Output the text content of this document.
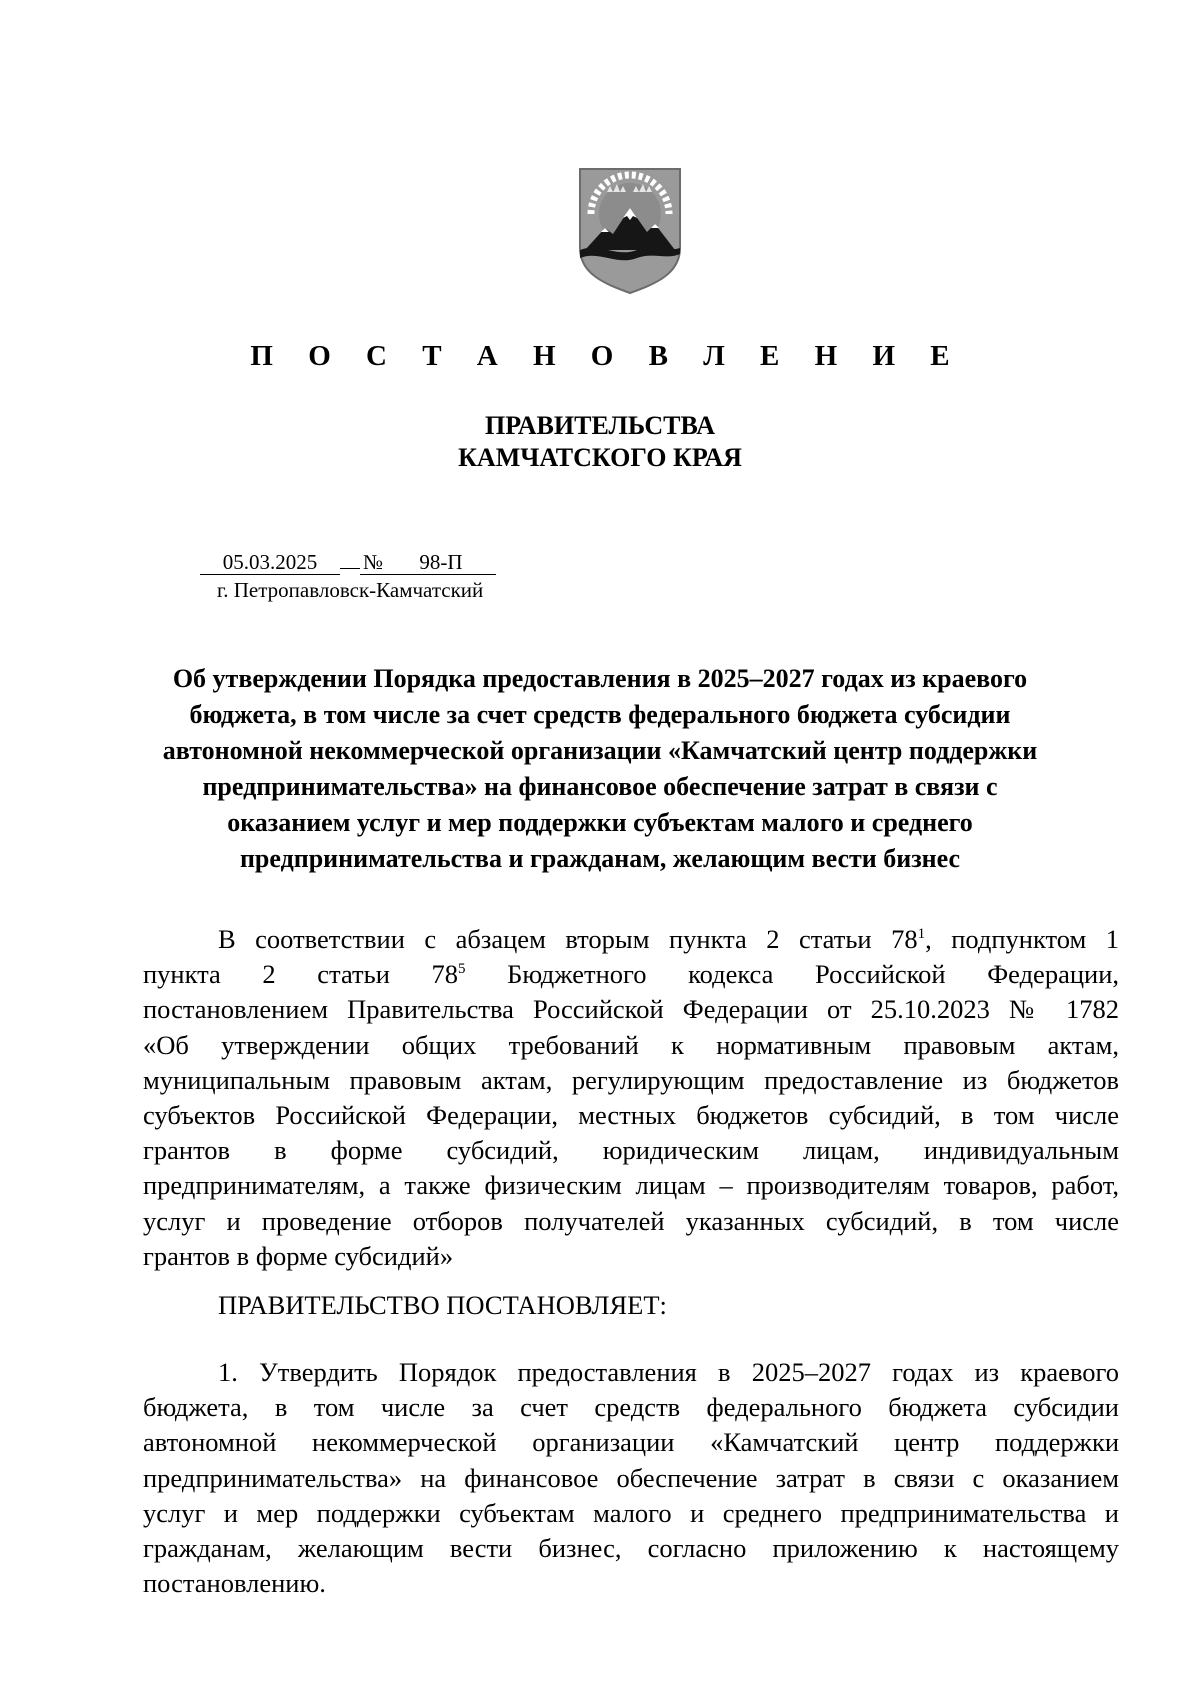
П О С Т А Н О В Л Е Н И Е
ПРАВИТЕЛЬСТВА
КАМЧАТСКОГО КРАЯ
05.03.2025 № 98-П
г. Петропавловск-Камчатский
Об утверждении Порядка предоставления в 2025–2027 годах из краевого
бюджета, в том числе за счет средств федерального бюджета субсидии
автономной некоммерческой организации «Камчатский центр поддержки
предпринимательства» на финансовое обеспечение затрат в связи с
оказанием услуг и мер поддержки субъектам малого и среднего
предпринимательства и гражданам, желающим вести бизнес
В соответствии с абзацем вторым пункта 2 статьи $78^1$, подпунктом 1
пункта 2 статьи $78^5$ Бюджетного кодекса Российской Федерации,
постановлением Правительства Российской Федерации от 25.10.2023 № 1782
«Об утверждении общих требований к нормативным правовым актам,
муниципальным правовым актам, регулирующим предоставление из бюджетов
субъектов Российской Федерации, местных бюджетов субсидий, в том числе
грантов в форме субсидий, юридическим лицам, индивидуальным
предпринимателям, а также физическим лицам – производителям товаров, работ,
услуг и проведение отборов получателей указанных субсидий, в том числе
грантов в форме субсидий»
ПРАВИТЕЛЬСТВО ПОСТАНОВЛЯЕТ:
1. Утвердить Порядок предоставления в 2025–2027 годах из краевого
бюджета, в том числе за счет средств федерального бюджета субсидии
автономной некоммерческой организации «Камчатский центр поддержки
предпринимательства» на финансовое обеспечение затрат в связи с оказанием
услуг и мер поддержки субъектам малого и среднего предпринимательства и
гражданам, желающим вести бизнес, согласно приложению к настоящему
постановлению.
